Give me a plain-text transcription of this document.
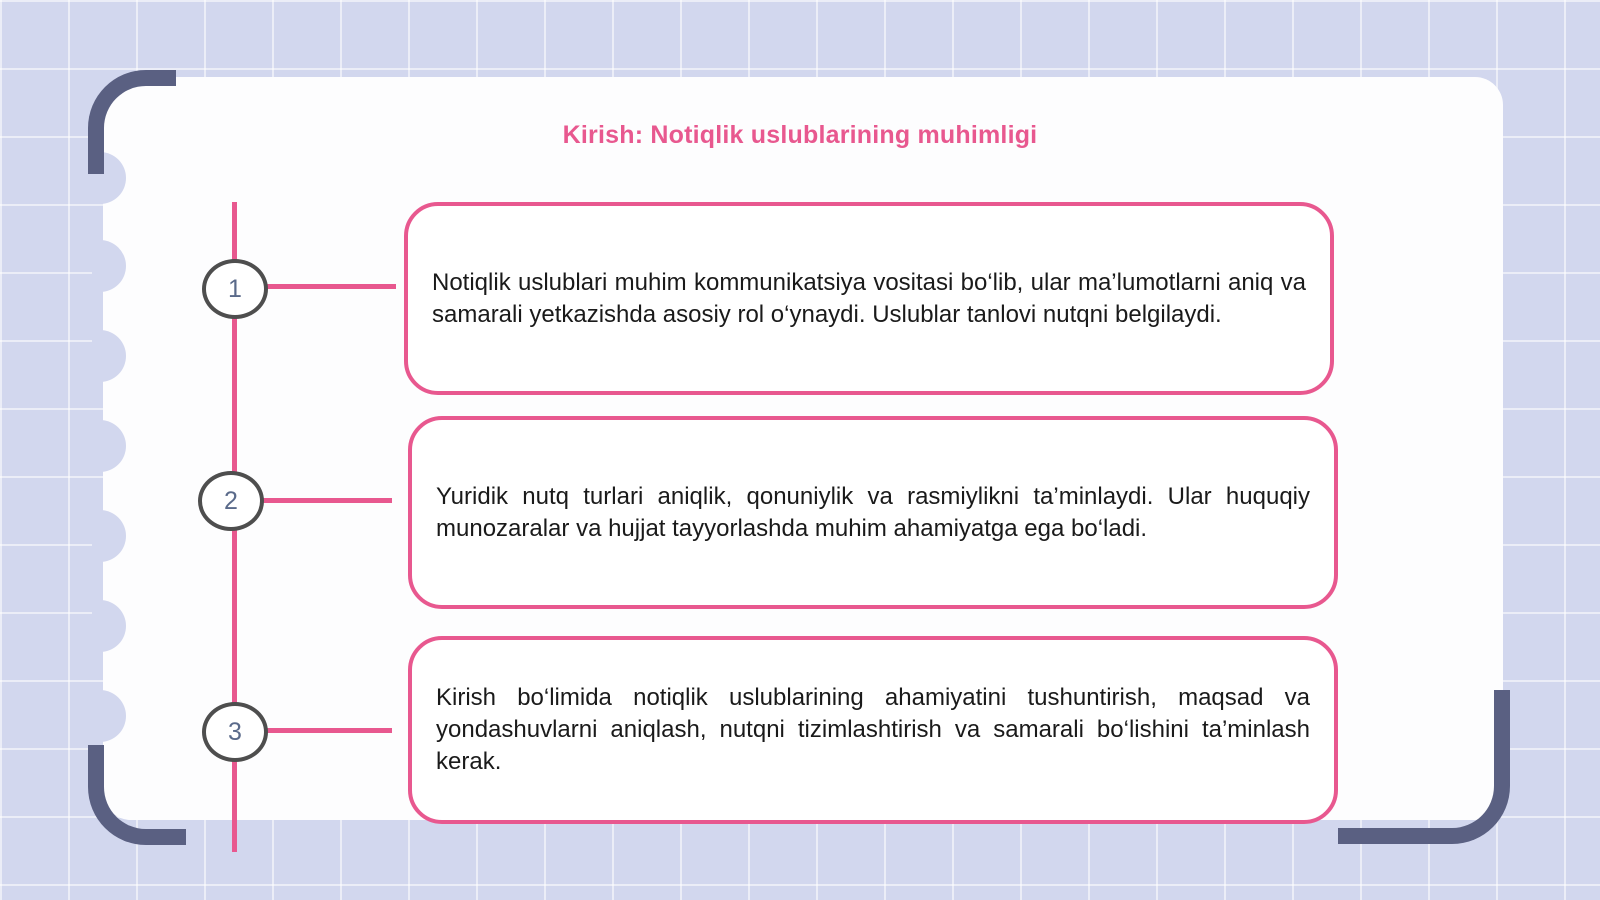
Kirish: Notiqlik uslublarining muhimligi
1
2
3

Notiqlik uslublari muhim kommunikatsiya vositasi bo‘lib, ular ma’lumotlarni aniq va samarali yetkazishda asosiy rol o‘ynaydi. Uslublar tanlovi nutqni belgilaydi.

Yuridik nutq turlari aniqlik, qonuniylik va rasmiylikni ta’minlaydi. Ular huquqiy munozaralar va hujjat tayyorlashda muhim ahamiyatga ega bo‘ladi.

Kirish bo‘limida notiqlik uslublarining ahamiyatini tushuntirish, maqsad va yondashuvlarni aniqlash, nutqni tizimlashtirish va samarali bo‘lishini ta’minlash kerak.
